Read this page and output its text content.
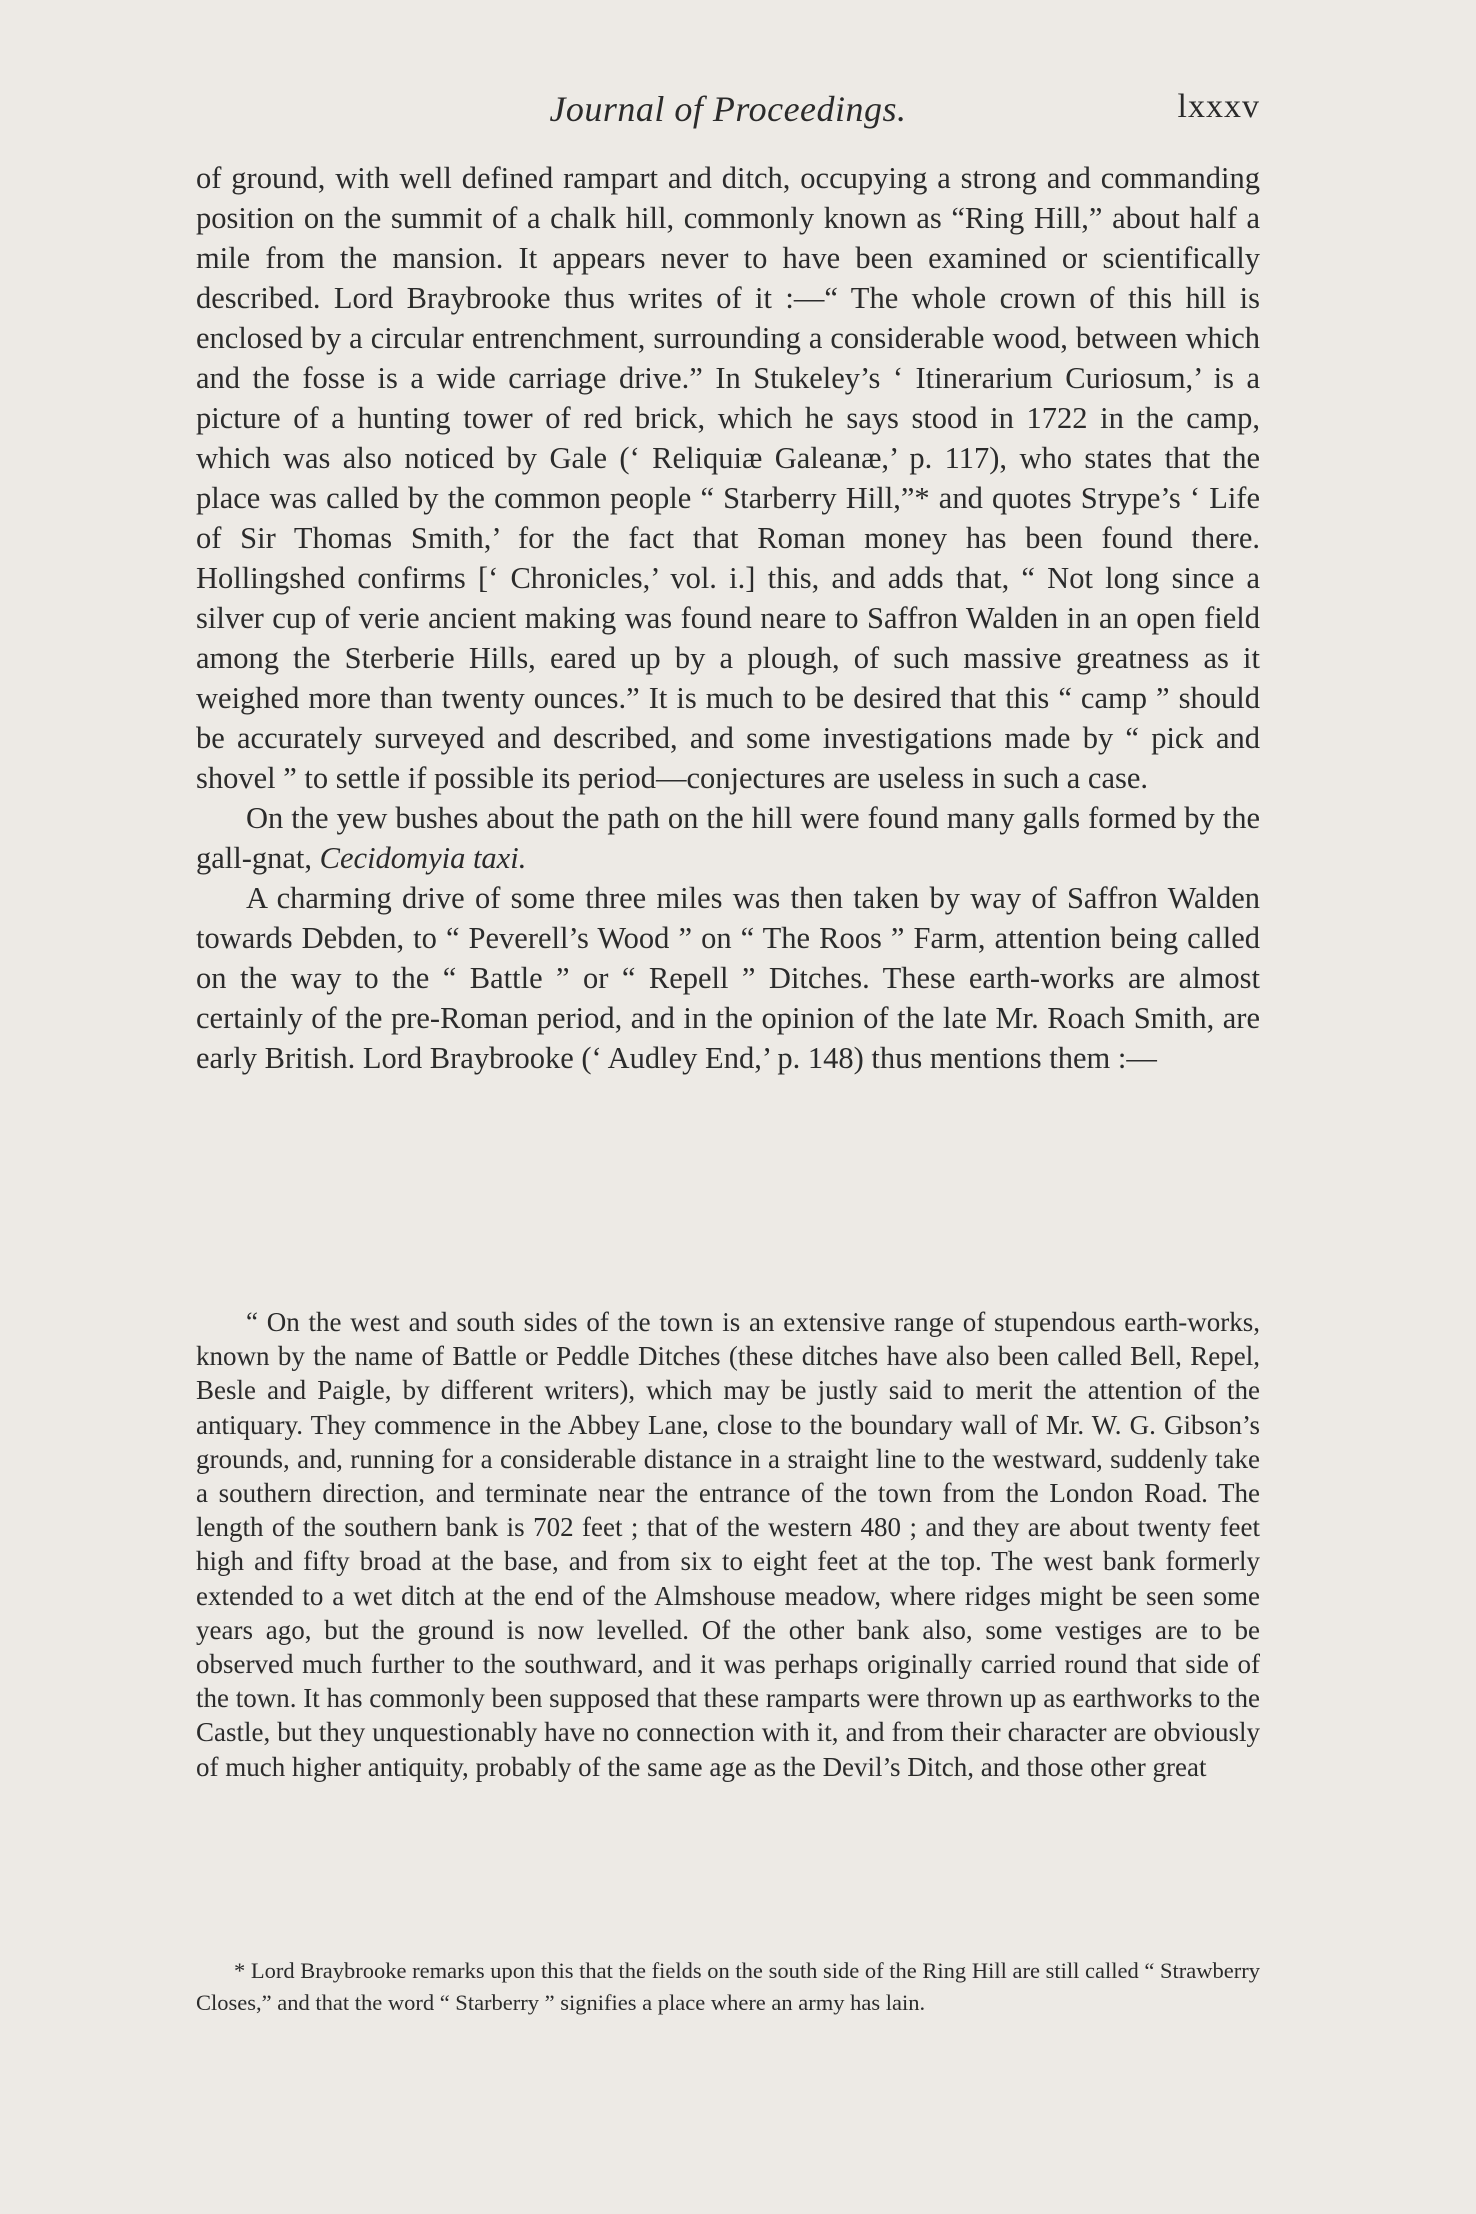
Journal of Proceedings.	lxxxv

of ground, with well defined rampart and ditch, occupying a strong and commanding position on the summit of a chalk hill, commonly known as “Ring Hill,” about half a mile from the mansion. It appears never to have been examined or scientifically described. Lord Braybrooke thus writes of it :—“ The whole crown of this hill is enclosed by a circular entrenchment, surrounding a considerable wood, between which and the fosse is a wide carriage drive.” In Stukeley’s ‘ Itinerarium Curiosum,’ is a picture of a hunting tower of red brick, which he says stood in 1722 in the camp, which was also noticed by Gale (‘ Reliquiæ Galeanæ,’ p. 117), who states that the place was called by the common people “ Starberry Hill,”* and quotes Strype’s ‘ Life of Sir Thomas Smith,’ for the fact that Roman money has been found there. Hollingshed confirms [‘ Chronicles,’ vol. i.] this, and adds that, “ Not long since a silver cup of verie ancient making was found neare to Saffron Walden in an open field among the Sterberie Hills, eared up by a plough, of such massive greatness as it weighed more than twenty ounces.” It is much to be desired that this “ camp ” should be accurately surveyed and described, and some investigations made by “ pick and shovel ” to settle if possible its period—conjectures are useless in such a case.

On the yew bushes about the path on the hill were found many galls formed by the gall-gnat, Cecidomyia taxi.

A charming drive of some three miles was then taken by way of Saffron Walden towards Debden, to “ Peverell’s Wood ” on “ The Roos ” Farm, attention being called on the way to the “ Battle ” or “ Repell ” Ditches. These earth-works are almost certainly of the pre-Roman period, and in the opinion of the late Mr. Roach Smith, are early British. Lord Braybrooke (‘ Audley End,’ p. 148) thus mentions them :—

“ On the west and south sides of the town is an extensive range of stupendous earth-works, known by the name of Battle or Peddle Ditches (these ditches have also been called Bell, Repel, Besle and Paigle, by different writers), which may be justly said to merit the attention of the antiquary. They commence in the Abbey Lane, close to the boundary wall of Mr. W. G. Gibson’s grounds, and, running for a considerable distance in a straight line to the westward, suddenly take a southern direction, and terminate near the entrance of the town from the London Road. The length of the southern bank is 702 feet ; that of the western 480 ; and they are about twenty feet high and fifty broad at the base, and from six to eight feet at the top. The west bank formerly extended to a wet ditch at the end of the Almshouse meadow, where ridges might be seen some years ago, but the ground is now levelled. Of the other bank also, some vestiges are to be observed much further to the southward, and it was perhaps originally carried round that side of the town. It has commonly been supposed that these ramparts were thrown up as earthworks to the Castle, but they unquestionably have no connection with it, and from their character are obviously of much higher antiquity, probably of the same age as the Devil’s Ditch, and those other great

* Lord Braybrooke remarks upon this that the fields on the south side of the Ring Hill are still called “ Strawberry Closes,” and that the word “ Starberry ” signifies a place where an army has lain.
